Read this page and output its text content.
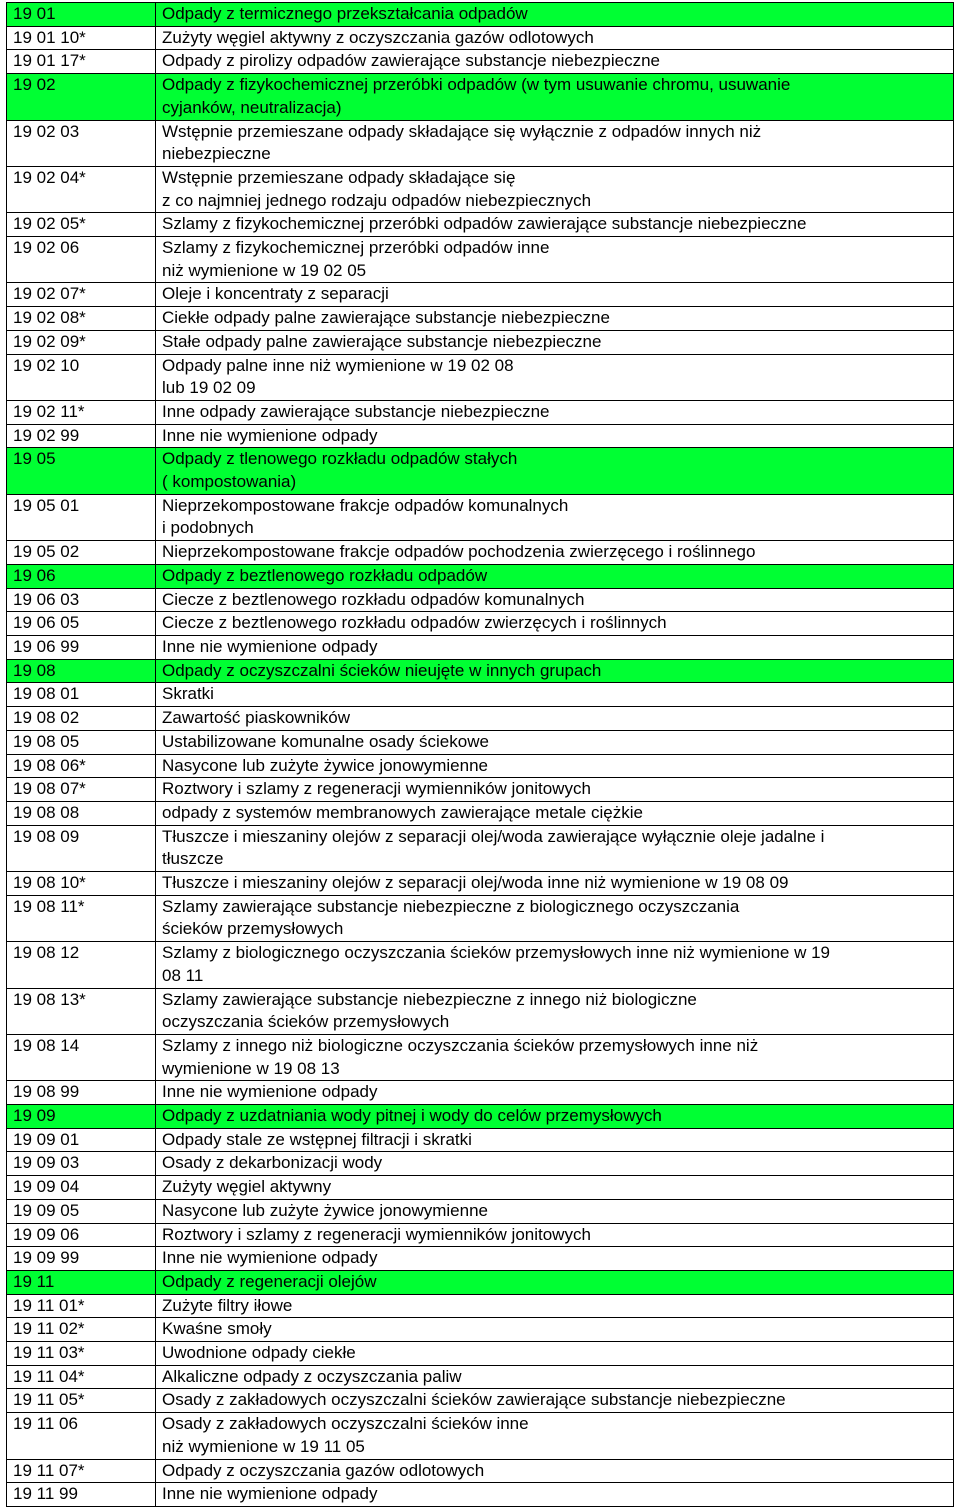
19 01	Odpady z termicznego przekształcania odpadów
19 01 10*	Zużyty węgiel aktywny z oczyszczania gazów odlotowych
19 01 17*	Odpady z pirolizy odpadów zawierające substancje niebezpieczne
19 02	Odpady z fizykochemicznej przeróbki odpadów (w tym usuwanie chromu, usuwanie
cyjanków, neutralizacja)
19 02 03	Wstępnie przemieszane odpady składające się wyłącznie z odpadów innych niż
niebezpieczne
19 02 04*	Wstępnie przemieszane odpady składające się
z co najmniej jednego rodzaju odpadów niebezpiecznych
19 02 05*	Szlamy z fizykochemicznej przeróbki odpadów zawierające substancje niebezpieczne
19 02 06	Szlamy z fizykochemicznej przeróbki odpadów inne
niż wymienione w 19 02 05
19 02 07*	Oleje i koncentraty z separacji
19 02 08*	Ciekłe odpady palne zawierające substancje niebezpieczne
19 02 09*	Stałe odpady palne zawierające substancje niebezpieczne
19 02 10	Odpady palne inne niż wymienione w 19 02 08
lub 19 02 09
19 02 11*	Inne odpady zawierające substancje niebezpieczne
19 02 99	Inne nie wymienione odpady
19 05	Odpady z tlenowego rozkładu odpadów stałych
( kompostowania)
19 05 01	Nieprzekompostowane frakcje odpadów komunalnych
i podobnych
19 05 02	Nieprzekompostowane frakcje odpadów pochodzenia zwierzęcego i roślinnego
19 06	Odpady z beztlenowego rozkładu odpadów
19 06 03	Ciecze z beztlenowego rozkładu odpadów komunalnych
19 06 05	Ciecze z beztlenowego rozkładu odpadów zwierzęcych i roślinnych
19 06 99	Inne nie wymienione odpady
19 08	Odpady z oczyszczalni ścieków nieujęte w innych grupach
19 08 01	Skratki
19 08 02	Zawartość piaskowników
19 08 05	Ustabilizowane komunalne osady ściekowe
19 08 06*	Nasycone lub zużyte żywice jonowymienne
19 08 07*	Roztwory i szlamy z regeneracji wymienników jonitowych
19 08 08	odpady z systemów membranowych zawierające metale ciężkie
19 08 09	Tłuszcze i mieszaniny olejów z separacji olej/woda zawierające wyłącznie oleje jadalne i
tłuszcze
19 08 10*	Tłuszcze i mieszaniny olejów z separacji olej/woda inne niż wymienione w 19 08 09
19 08 11*	Szlamy zawierające substancje niebezpieczne z biologicznego oczyszczania
ścieków przemysłowych
19 08 12	Szlamy z biologicznego oczyszczania ścieków przemysłowych inne niż wymienione w 19
08 11
19 08 13*	Szlamy zawierające substancje niebezpieczne z innego niż biologiczne
oczyszczania ścieków przemysłowych
19 08 14	Szlamy z innego niż biologiczne oczyszczania ścieków przemysłowych inne niż
wymienione w 19 08 13
19 08 99	Inne nie wymienione odpady
19 09	Odpady z uzdatniania wody pitnej i wody do celów przemysłowych
19 09 01	Odpady stale ze wstępnej filtracji i skratki
19 09 03	Osady z dekarbonizacji wody
19 09 04	Zużyty węgiel aktywny
19 09 05	Nasycone lub zużyte żywice jonowymienne
19 09 06	Roztwory i szlamy z regeneracji wymienników jonitowych
19 09 99	Inne nie wymienione odpady
19 11	Odpady z regeneracji olejów
19 11 01*	Zużyte filtry iłowe
19 11 02*	Kwaśne smoły
19 11 03*	Uwodnione odpady ciekłe
19 11 04*	Alkaliczne odpady z oczyszczania paliw
19 11 05*	Osady z zakładowych oczyszczalni ścieków zawierające substancje niebezpieczne
19 11 06	Osady z zakładowych oczyszczalni ścieków inne
niż wymienione w 19 11 05
19 11 07*	Odpady z oczyszczania gazów odlotowych
19 11 99	Inne nie wymienione odpady
